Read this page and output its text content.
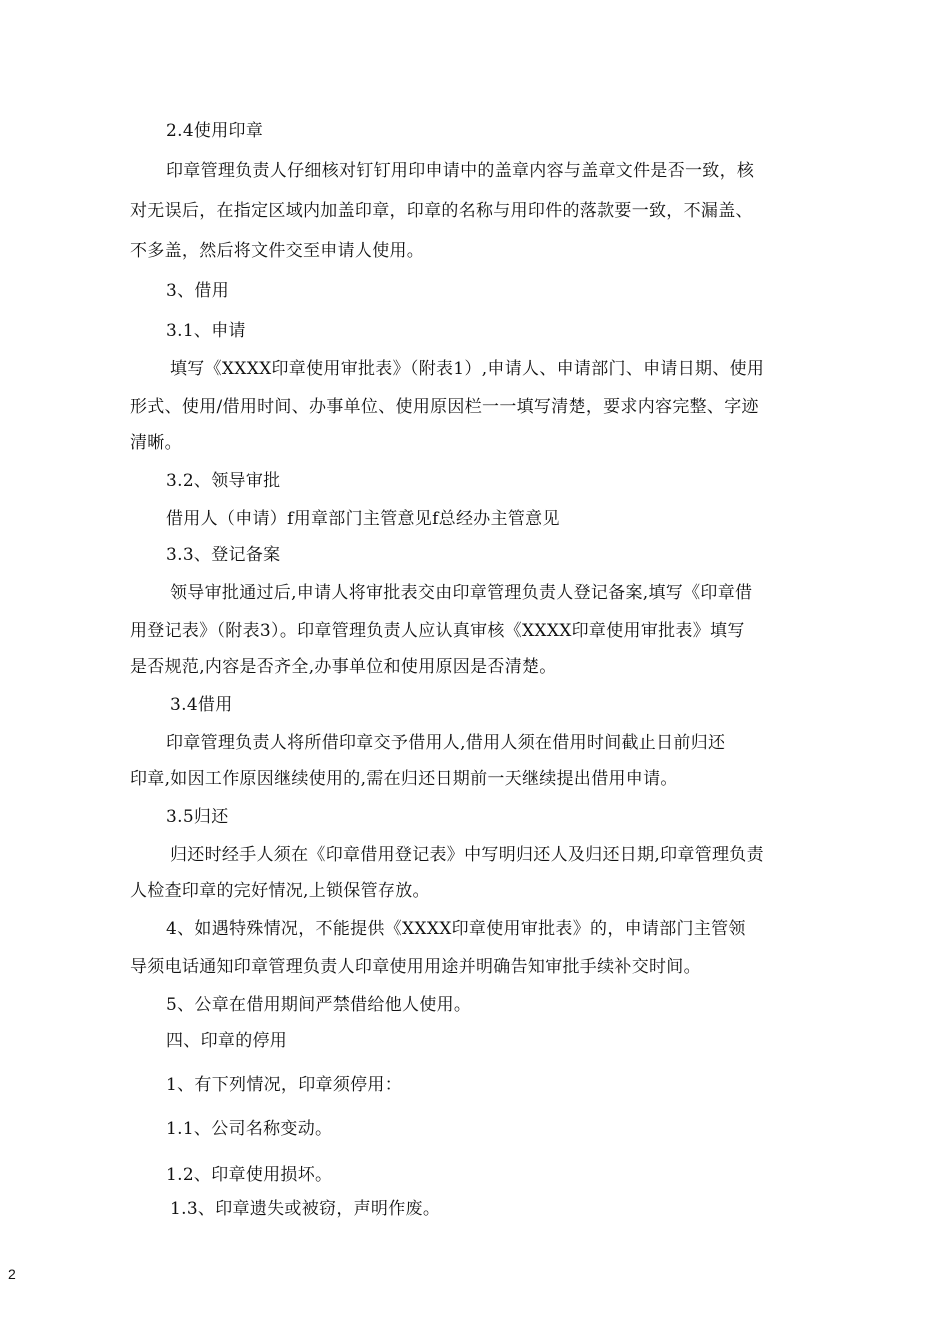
2.4使用印章
印章管理负责人仔细核对钉钉用印申请中的盖章内容与盖章文件是否一致，核
对无误后，在指定区域内加盖印章，印章的名称与用印件的落款要一致，不漏盖、
不多盖，然后将文件交至申请人使用。
3、借用
3.1、申请
填写《XXXX印章使用审批表》（附表1）,申请人、申请部门、申请日期、使用
形式、使用/借用时间、办事单位、使用原因栏一一填写清楚，要求内容完整、字迹
清晰。
3.2、领导审批
借用人（申请）f用章部门主管意见f总经办主管意见
3.3、登记备案
领导审批通过后,申请人将审批表交由印章管理负责人登记备案,填写《印章借
用登记表》（附表3）。印章管理负责人应认真审核《XXXX印章使用审批表》填写
是否规范,内容是否齐全,办事单位和使用原因是否清楚。
3.4借用
印章管理负责人将所借印章交予借用人,借用人须在借用时间截止日前归还
印章,如因工作原因继续使用的,需在归还日期前一天继续提出借用申请。
3.5归还
归还时经手人须在《印章借用登记表》中写明归还人及归还日期,印章管理负责
人检查印章的完好情况,上锁保管存放。
4、如遇特殊情况，不能提供《XXXX印章使用审批表》的，申请部门主管领
导须电话通知印章管理负责人印章使用用途并明确告知审批手续补交时间。
5、公章在借用期间严禁借给他人使用。
四、印章的停用
1、有下列情况，印章须停用：
1.1、公司名称变动。
1.2、印章使用损坏。
1.3、印章遗失或被窃，声明作废。
2
